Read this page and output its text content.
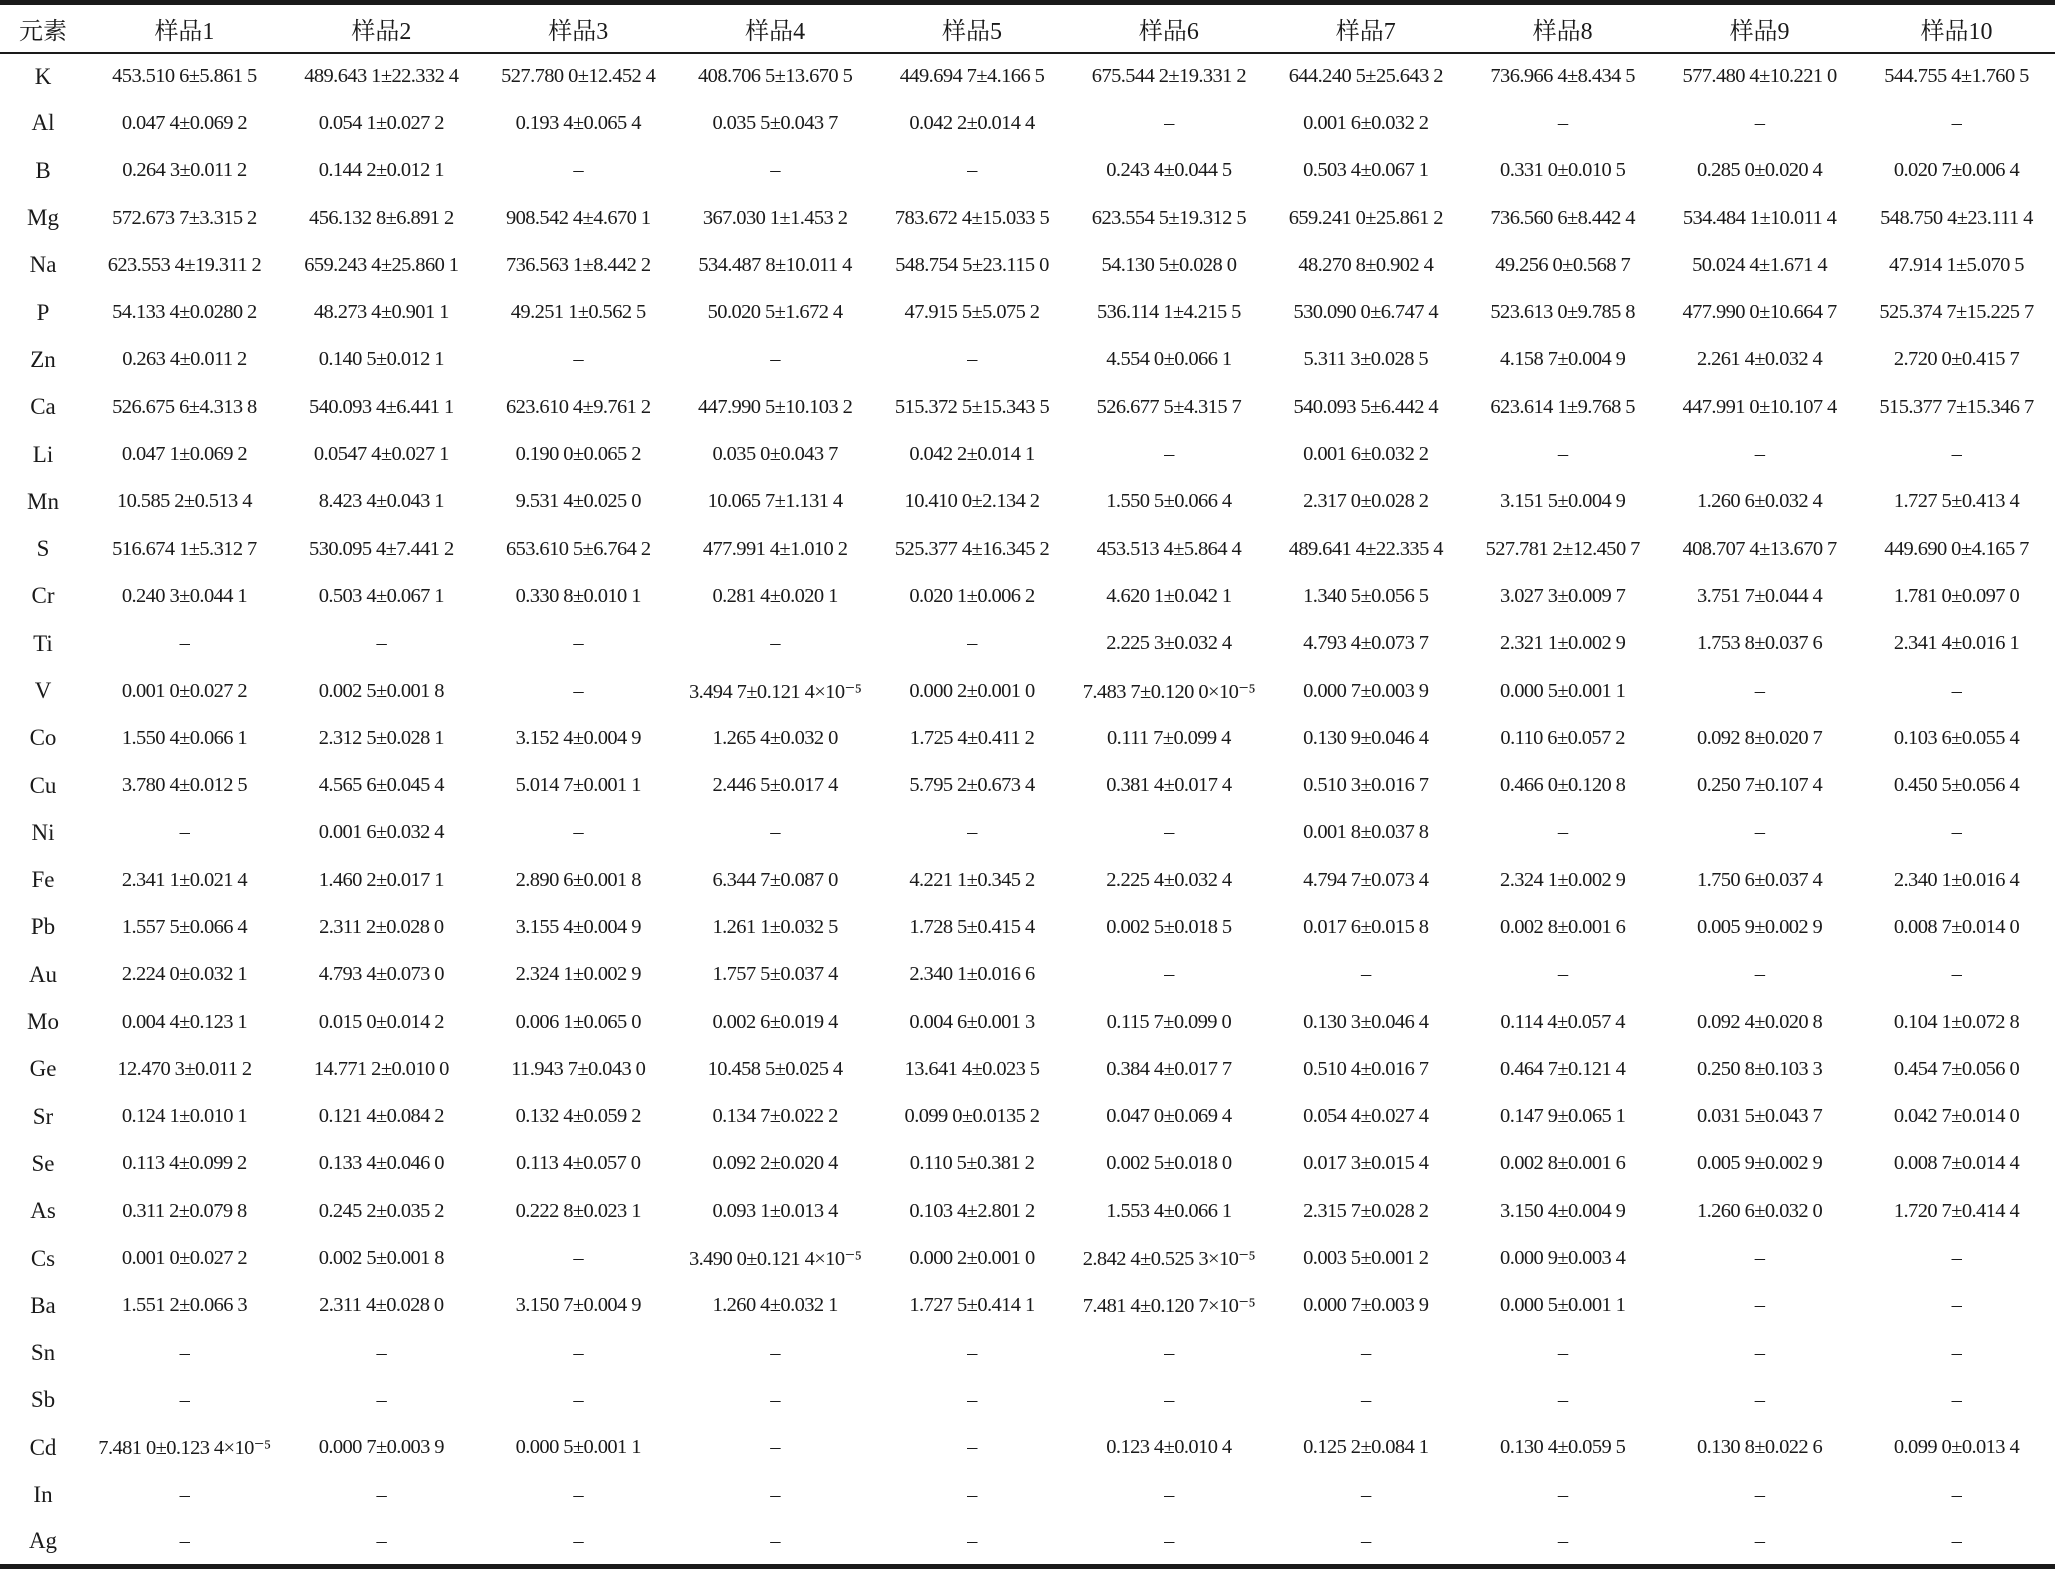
元素	样品1	样品2	样品3	样品4	样品5	样品6	样品7	样品8	样品9	样品10
K	453.510 6±5.861 5	489.643 1±22.332 4	527.780 0±12.452 4	408.706 5±13.670 5	449.694 7±4.166 5	675.544 2±19.331 2	644.240 5±25.643 2	736.966 4±8.434 5	577.480 4±10.221 0	544.755 4±1.760 5
Al	0.047 4±0.069 2	0.054 1±0.027 2	0.193 4±0.065 4	0.035 5±0.043 7	0.042 2±0.014 4	–	0.001 6±0.032 2	–	–	–
B	0.264 3±0.011 2	0.144 2±0.012 1	–	–	–	0.243 4±0.044 5	0.503 4±0.067 1	0.331 0±0.010 5	0.285 0±0.020 4	0.020 7±0.006 4
Mg	572.673 7±3.315 2	456.132 8±6.891 2	908.542 4±4.670 1	367.030 1±1.453 2	783.672 4±15.033 5	623.554 5±19.312 5	659.241 0±25.861 2	736.560 6±8.442 4	534.484 1±10.011 4	548.750 4±23.111 4
Na	623.553 4±19.311 2	659.243 4±25.860 1	736.563 1±8.442 2	534.487 8±10.011 4	548.754 5±23.115 0	54.130 5±0.028 0	48.270 8±0.902 4	49.256 0±0.568 7	50.024 4±1.671 4	47.914 1±5.070 5
P	54.133 4±0.0280 2	48.273 4±0.901 1	49.251 1±0.562 5	50.020 5±1.672 4	47.915 5±5.075 2	536.114 1±4.215 5	530.090 0±6.747 4	523.613 0±9.785 8	477.990 0±10.664 7	525.374 7±15.225 7
Zn	0.263 4±0.011 2	0.140 5±0.012 1	–	–	–	4.554 0±0.066 1	5.311 3±0.028 5	4.158 7±0.004 9	2.261 4±0.032 4	2.720 0±0.415 7
Ca	526.675 6±4.313 8	540.093 4±6.441 1	623.610 4±9.761 2	447.990 5±10.103 2	515.372 5±15.343 5	526.677 5±4.315 7	540.093 5±6.442 4	623.614 1±9.768 5	447.991 0±10.107 4	515.377 7±15.346 7
Li	0.047 1±0.069 2	0.0547 4±0.027 1	0.190 0±0.065 2	0.035 0±0.043 7	0.042 2±0.014 1	–	0.001 6±0.032 2	–	–	–
Mn	10.585 2±0.513 4	8.423 4±0.043 1	9.531 4±0.025 0	10.065 7±1.131 4	10.410 0±2.134 2	1.550 5±0.066 4	2.317 0±0.028 2	3.151 5±0.004 9	1.260 6±0.032 4	1.727 5±0.413 4
S	516.674 1±5.312 7	530.095 4±7.441 2	653.610 5±6.764 2	477.991 4±1.010 2	525.377 4±16.345 2	453.513 4±5.864 4	489.641 4±22.335 4	527.781 2±12.450 7	408.707 4±13.670 7	449.690 0±4.165 7
Cr	0.240 3±0.044 1	0.503 4±0.067 1	0.330 8±0.010 1	0.281 4±0.020 1	0.020 1±0.006 2	4.620 1±0.042 1	1.340 5±0.056 5	3.027 3±0.009 7	3.751 7±0.044 4	1.781 0±0.097 0
Ti	–	–	–	–	–	2.225 3±0.032 4	4.793 4±0.073 7	2.321 1±0.002 9	1.753 8±0.037 6	2.341 4±0.016 1
V	0.001 0±0.027 2	0.002 5±0.001 8	–	3.494 7±0.121 4×10⁻⁵	0.000 2±0.001 0	7.483 7±0.120 0×10⁻⁵	0.000 7±0.003 9	0.000 5±0.001 1	–	–
Co	1.550 4±0.066 1	2.312 5±0.028 1	3.152 4±0.004 9	1.265 4±0.032 0	1.725 4±0.411 2	0.111 7±0.099 4	0.130 9±0.046 4	0.110 6±0.057 2	0.092 8±0.020 7	0.103 6±0.055 4
Cu	3.780 4±0.012 5	4.565 6±0.045 4	5.014 7±0.001 1	2.446 5±0.017 4	5.795 2±0.673 4	0.381 4±0.017 4	0.510 3±0.016 7	0.466 0±0.120 8	0.250 7±0.107 4	0.450 5±0.056 4
Ni	–	0.001 6±0.032 4	–	–	–	–	0.001 8±0.037 8	–	–	–
Fe	2.341 1±0.021 4	1.460 2±0.017 1	2.890 6±0.001 8	6.344 7±0.087 0	4.221 1±0.345 2	2.225 4±0.032 4	4.794 7±0.073 4	2.324 1±0.002 9	1.750 6±0.037 4	2.340 1±0.016 4
Pb	1.557 5±0.066 4	2.311 2±0.028 0	3.155 4±0.004 9	1.261 1±0.032 5	1.728 5±0.415 4	0.002 5±0.018 5	0.017 6±0.015 8	0.002 8±0.001 6	0.005 9±0.002 9	0.008 7±0.014 0
Au	2.224 0±0.032 1	4.793 4±0.073 0	2.324 1±0.002 9	1.757 5±0.037 4	2.340 1±0.016 6	–	–	–	–	–
Mo	0.004 4±0.123 1	0.015 0±0.014 2	0.006 1±0.065 0	0.002 6±0.019 4	0.004 6±0.001 3	0.115 7±0.099 0	0.130 3±0.046 4	0.114 4±0.057 4	0.092 4±0.020 8	0.104 1±0.072 8
Ge	12.470 3±0.011 2	14.771 2±0.010 0	11.943 7±0.043 0	10.458 5±0.025 4	13.641 4±0.023 5	0.384 4±0.017 7	0.510 4±0.016 7	0.464 7±0.121 4	0.250 8±0.103 3	0.454 7±0.056 0
Sr	0.124 1±0.010 1	0.121 4±0.084 2	0.132 4±0.059 2	0.134 7±0.022 2	0.099 0±0.0135 2	0.047 0±0.069 4	0.054 4±0.027 4	0.147 9±0.065 1	0.031 5±0.043 7	0.042 7±0.014 0
Se	0.113 4±0.099 2	0.133 4±0.046 0	0.113 4±0.057 0	0.092 2±0.020 4	0.110 5±0.381 2	0.002 5±0.018 0	0.017 3±0.015 4	0.002 8±0.001 6	0.005 9±0.002 9	0.008 7±0.014 4
As	0.311 2±0.079 8	0.245 2±0.035 2	0.222 8±0.023 1	0.093 1±0.013 4	0.103 4±2.801 2	1.553 4±0.066 1	2.315 7±0.028 2	3.150 4±0.004 9	1.260 6±0.032 0	1.720 7±0.414 4
Cs	0.001 0±0.027 2	0.002 5±0.001 8	–	3.490 0±0.121 4×10⁻⁵	0.000 2±0.001 0	2.842 4±0.525 3×10⁻⁵	0.003 5±0.001 2	0.000 9±0.003 4	–	–
Ba	1.551 2±0.066 3	2.311 4±0.028 0	3.150 7±0.004 9	1.260 4±0.032 1	1.727 5±0.414 1	7.481 4±0.120 7×10⁻⁵	0.000 7±0.003 9	0.000 5±0.001 1	–	–
Sn	–	–	–	–	–	–	–	–	–	–
Sb	–	–	–	–	–	–	–	–	–	–
Cd	7.481 0±0.123 4×10⁻⁵	0.000 7±0.003 9	0.000 5±0.001 1	–	–	0.123 4±0.010 4	0.125 2±0.084 1	0.130 4±0.059 5	0.130 8±0.022 6	0.099 0±0.013 4
In	–	–	–	–	–	–	–	–	–	–
Ag	–	–	–	–	–	–	–	–	–	–
